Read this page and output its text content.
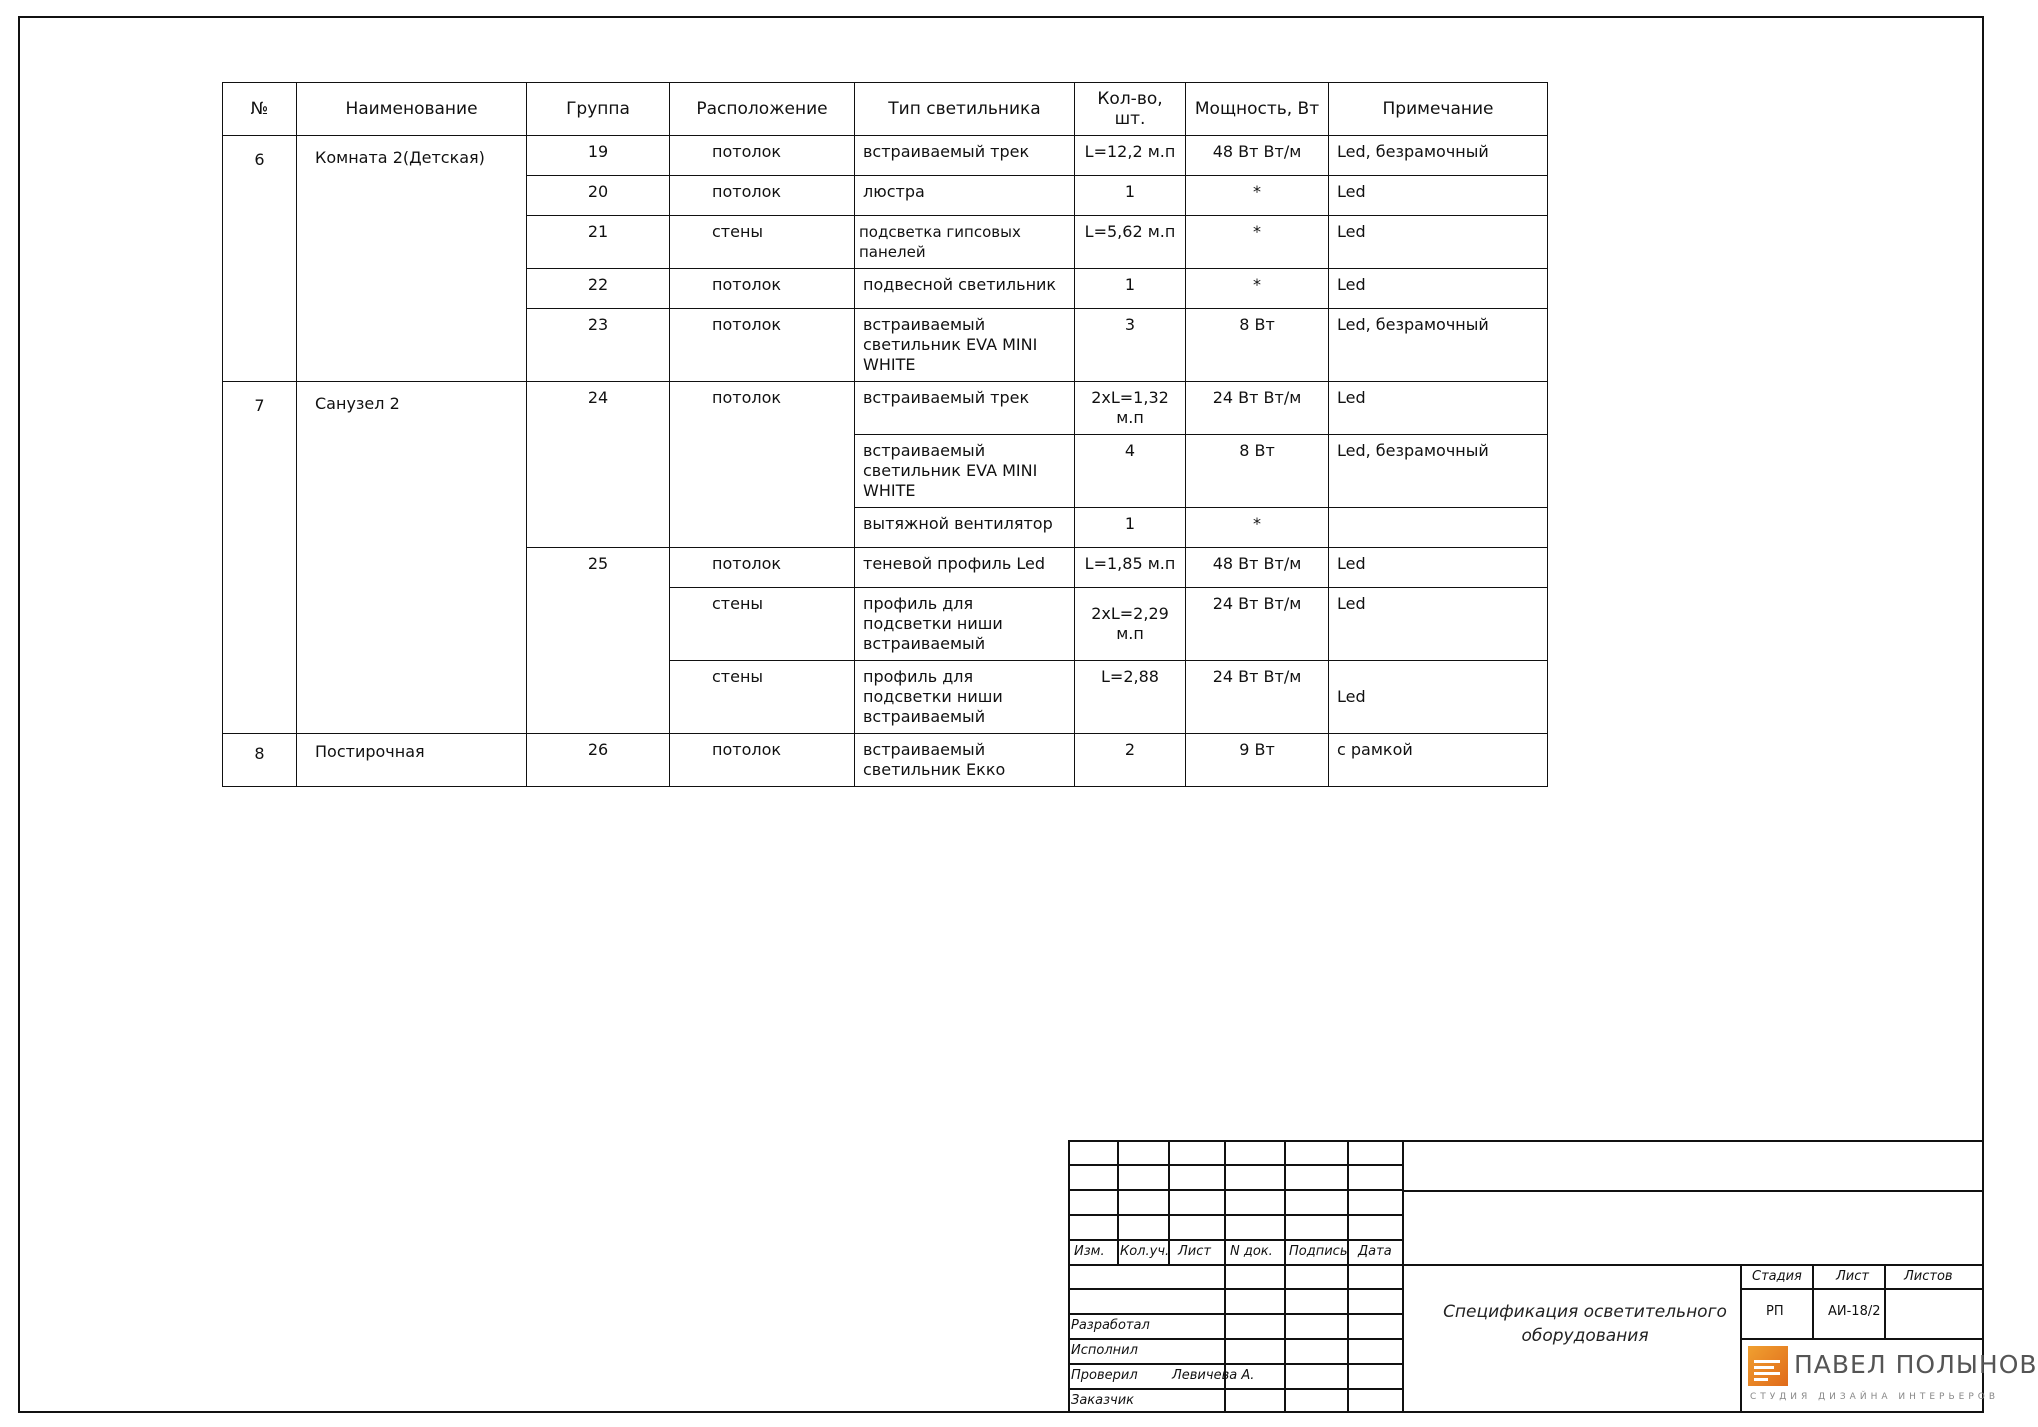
№	Наименование	Группа	Расположение	Тип светильника	Кол-во, шт.	Мощность, Вт	Примечание
6	Комната 2(Детская)	19	потолок	встраиваемый трек	L=12,2 м.п	48 Вт Вт/м	Led, безрамочный
		20	потолок	люстра	1	*	Led
		21	стены	подсветка гипсовых панелей	L=5,62 м.п	*	Led
		22	потолок	подвесной светильник	1	*	Led
		23	потолок	встраиваемый светильник EVA MINI WHITE	3	8 Вт	Led, безрамочный
7	Санузел 2	24	потолок	встраиваемый трек	2xL=1,32 м.п	24 Вт Вт/м	Led
				встраиваемый светильник EVA MINI WHITE	4	8 Вт	Led, безрамочный
				вытяжной вентилятор	1	*	
		25	потолок	теневой профиль Led	L=1,85 м.п	48 Вт Вт/м	Led
			стены	профиль для подсветки ниши встраиваемый	2xL=2,29 м.п	24 Вт Вт/м	Led
			стены	профиль для подсветки ниши встраиваемый	L=2,88	24 Вт Вт/м	Led
8	Постирочная	26	потолок	встраиваемый светильник Екко	2	9 Вт	с рамкой
Изм. Кол.уч. Лист N док. Подпись Дата
Разработал
Исполнил
Проверил
Заказчик
Левичева А.
Стадия	Лист	Листов
РП	АИ-18/2
Спецификация осветительного оборудования
ПАВЕЛ ПОЛЫНОВ
СТУДИЯ ДИЗАЙНА ИНТЕРЬЕРОВ
